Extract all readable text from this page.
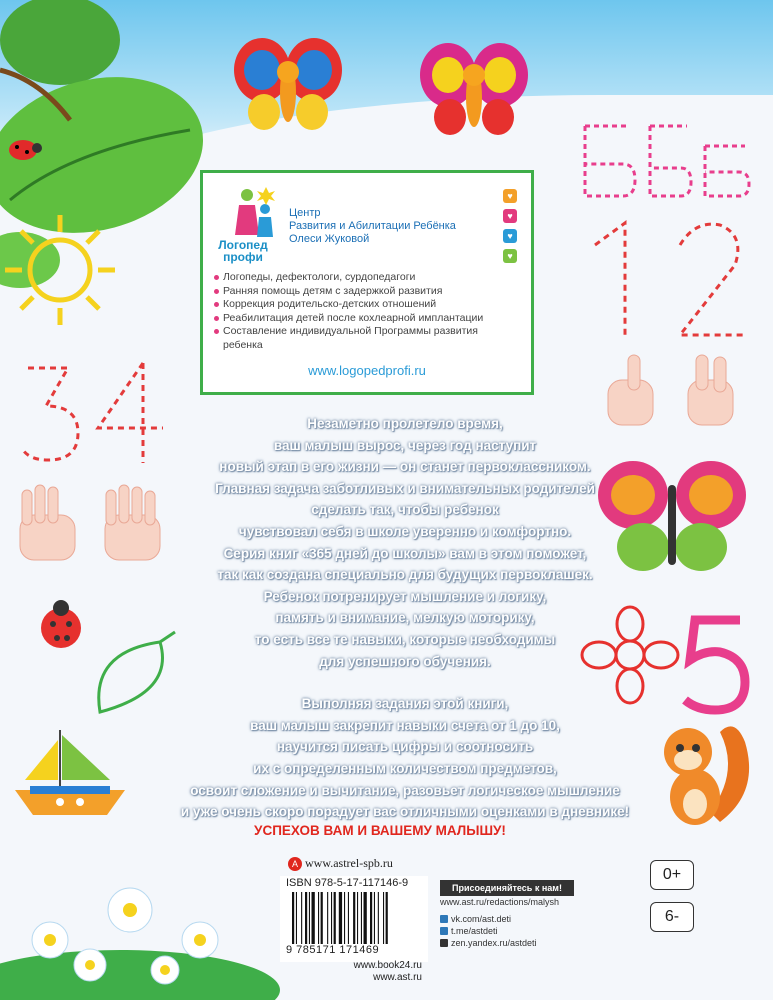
Логопед
профи
Центр
Развития и Абилитации Ребёнка
Олеси Жуковой
♥
♥
♥
♥
Логопеды, дефектологи, сурдопедагоги
Ранняя помощь детям с задержкой развития
Коррекция родительско-детских отношений
Реабилитация детей после кохлеарной имплантации
Составление индивидуальной Программы развития ребенка
www.logopedprofi.ru

Незаметно пролетело время,

ваш малыш вырос, через год наступит

новый этап в его жизни — он станет первоклассником.

Главная задача заботливых и внимательных родителей

сделать так, чтобы ребенок

чувствовал себя в школе уверенно и комфортно.

Серия книг «365 дней до школы» вам в этом поможет,

так как создана специально для будущих первоклашек.

Ребенок потренирует мышление и логику,

память и внимание, мелкую моторику,

то есть все те навыки, которые необходимы

для успешного обучения.

Выполняя задания этой книги,

ваш малыш закрепит навыки счета от 1 до 10,

научится писать цифры и соотносить

их с определенным количеством предметов,

освоит сложение и вычитание, разовьет логическое мышление

и уже очень скоро порадует вас отличными оценками в дневнике!

УСПЕХОВ ВАМ И ВАШЕМУ МАЛЫШУ!
А www.astrel-spb.ru
ISBN 978-5-17-117146-9
9 785171 171469
Присоединяйтесь к нам!
www.ast.ru/redactions/malysh
vk.com/ast.deti
t.me/astdeti
zen.yandex.ru/astdeti
0+
6-
www.book24.ru
www.ast.ru
